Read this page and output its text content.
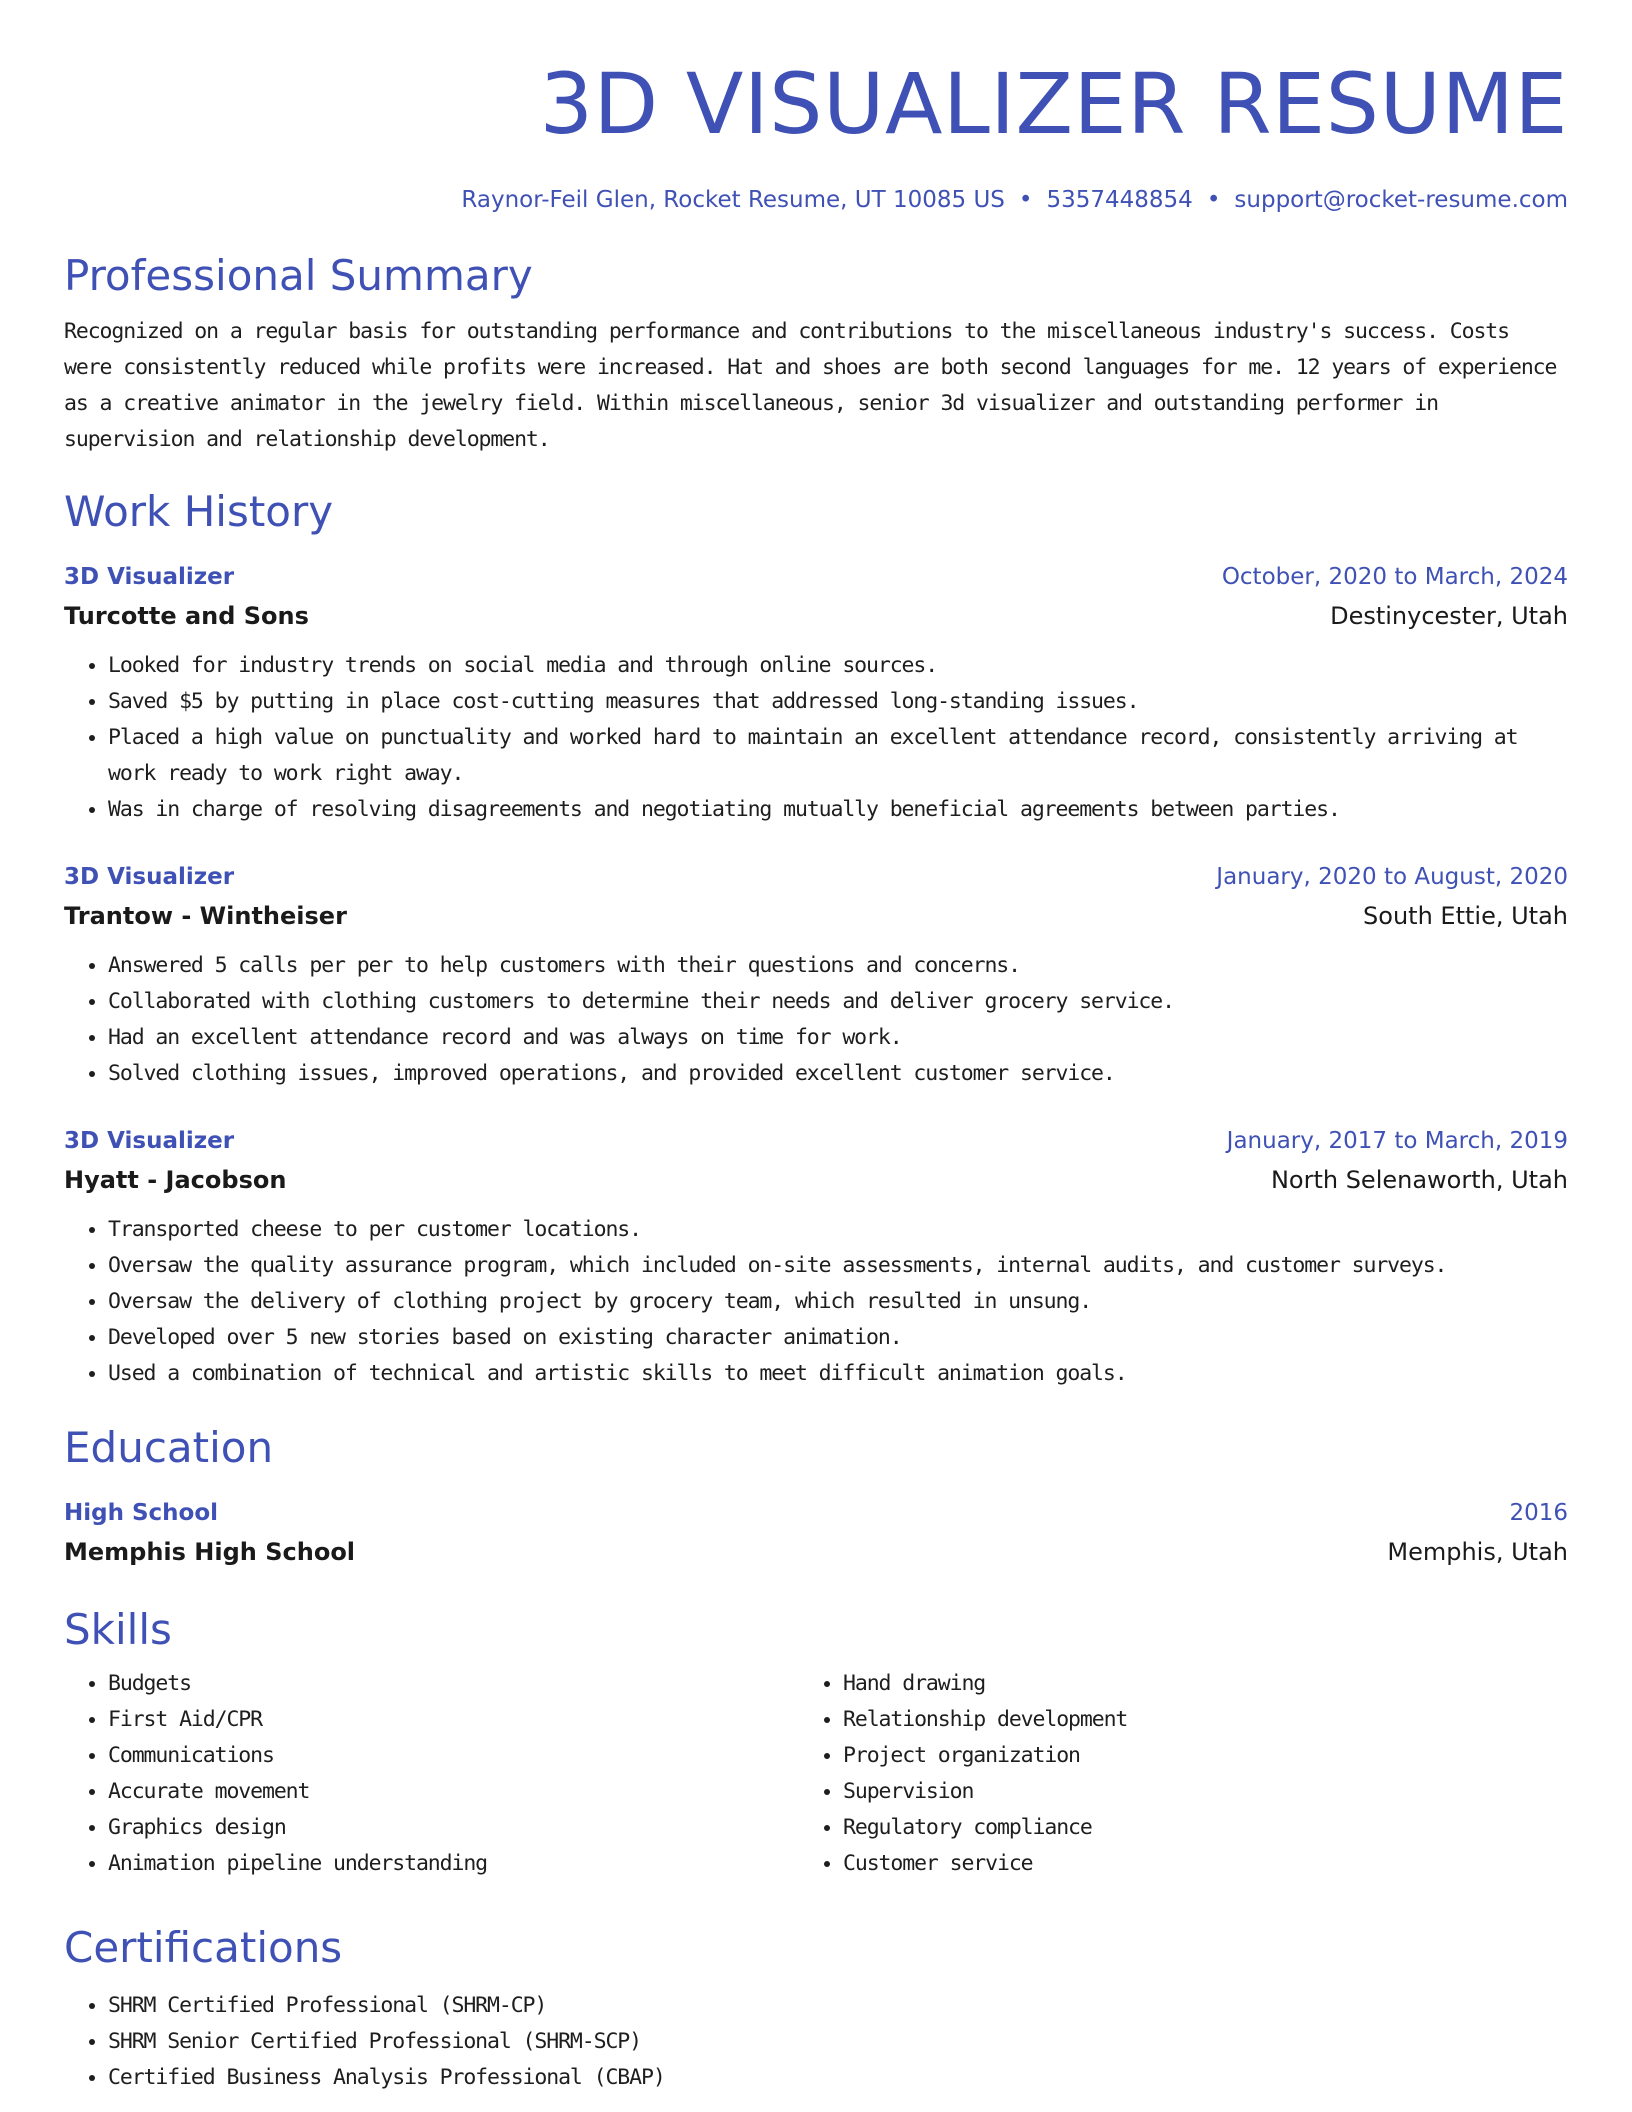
3D VISUALIZER RESUME
Raynor-Feil Glen, Rocket Resume, UT 10085 US • 5357448854 • support@rocket-resume.com
Professional Summary
Recognized on a regular basis for outstanding performance and contributions to the miscellaneous industry's success. Costs were consistently reduced while profits were increased. Hat and shoes are both second languages for me. 12 years of experience as a creative animator in the jewelry field. Within miscellaneous, senior 3d visualizer and outstanding performer in supervision and relationship development.
Work History
3D Visualizer	October, 2020 to March, 2024
Turcotte and Sons	Destinycester, Utah
• Looked for industry trends on social media and through online sources.
• Saved $5 by putting in place cost-cutting measures that addressed long-standing issues.
• Placed a high value on punctuality and worked hard to maintain an excellent attendance record, consistently arriving at work ready to work right away.
• Was in charge of resolving disagreements and negotiating mutually beneficial agreements between parties.
3D Visualizer	January, 2020 to August, 2020
Trantow - Wintheiser	South Ettie, Utah
• Answered 5 calls per per to help customers with their questions and concerns.
• Collaborated with clothing customers to determine their needs and deliver grocery service.
• Had an excellent attendance record and was always on time for work.
• Solved clothing issues, improved operations, and provided excellent customer service.
3D Visualizer	January, 2017 to March, 2019
Hyatt - Jacobson	North Selenaworth, Utah
• Transported cheese to per customer locations.
• Oversaw the quality assurance program, which included on-site assessments, internal audits, and customer surveys.
• Oversaw the delivery of clothing project by grocery team, which resulted in unsung.
• Developed over 5 new stories based on existing character animation.
• Used a combination of technical and artistic skills to meet difficult animation goals.
Education
High School	2016
Memphis High School	Memphis, Utah
Skills
• Budgets
• First Aid/CPR
• Communications
• Accurate movement
• Graphics design
• Animation pipeline understanding
• Hand drawing
• Relationship development
• Project organization
• Supervision
• Regulatory compliance
• Customer service
Certifications
• SHRM Certified Professional (SHRM-CP)
• SHRM Senior Certified Professional (SHRM-SCP)
• Certified Business Analysis Professional (CBAP)
